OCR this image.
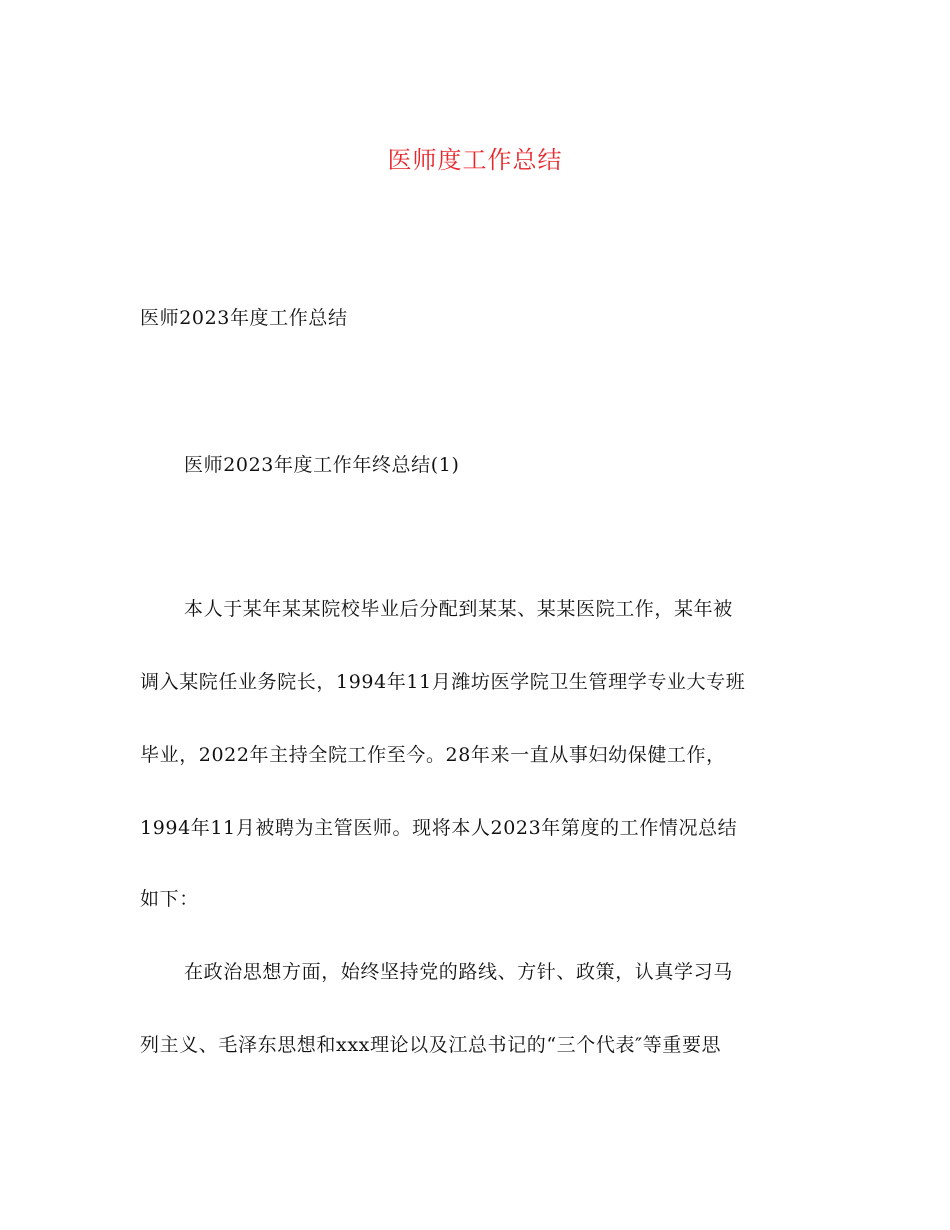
医师度工作总结
医师2023年度工作总结
医师2023年度工作年终总结(1)
本人于某年某某院校毕业后分配到某某、某某医院工作，某年被
调入某院任业务院长，1994年11月潍坊医学院卫生管理学专业大专班
毕业，2022年主持全院工作至今。28年来一直从事妇幼保健工作，
1994年11月被聘为主管医师。现将本人2023年第度的工作情况总结
如下：
在政治思想方面，始终坚持党的路线、方针、政策，认真学习马
列主义、毛泽东思想和xxx理论以及江总书记的“三个代表″等重要思
